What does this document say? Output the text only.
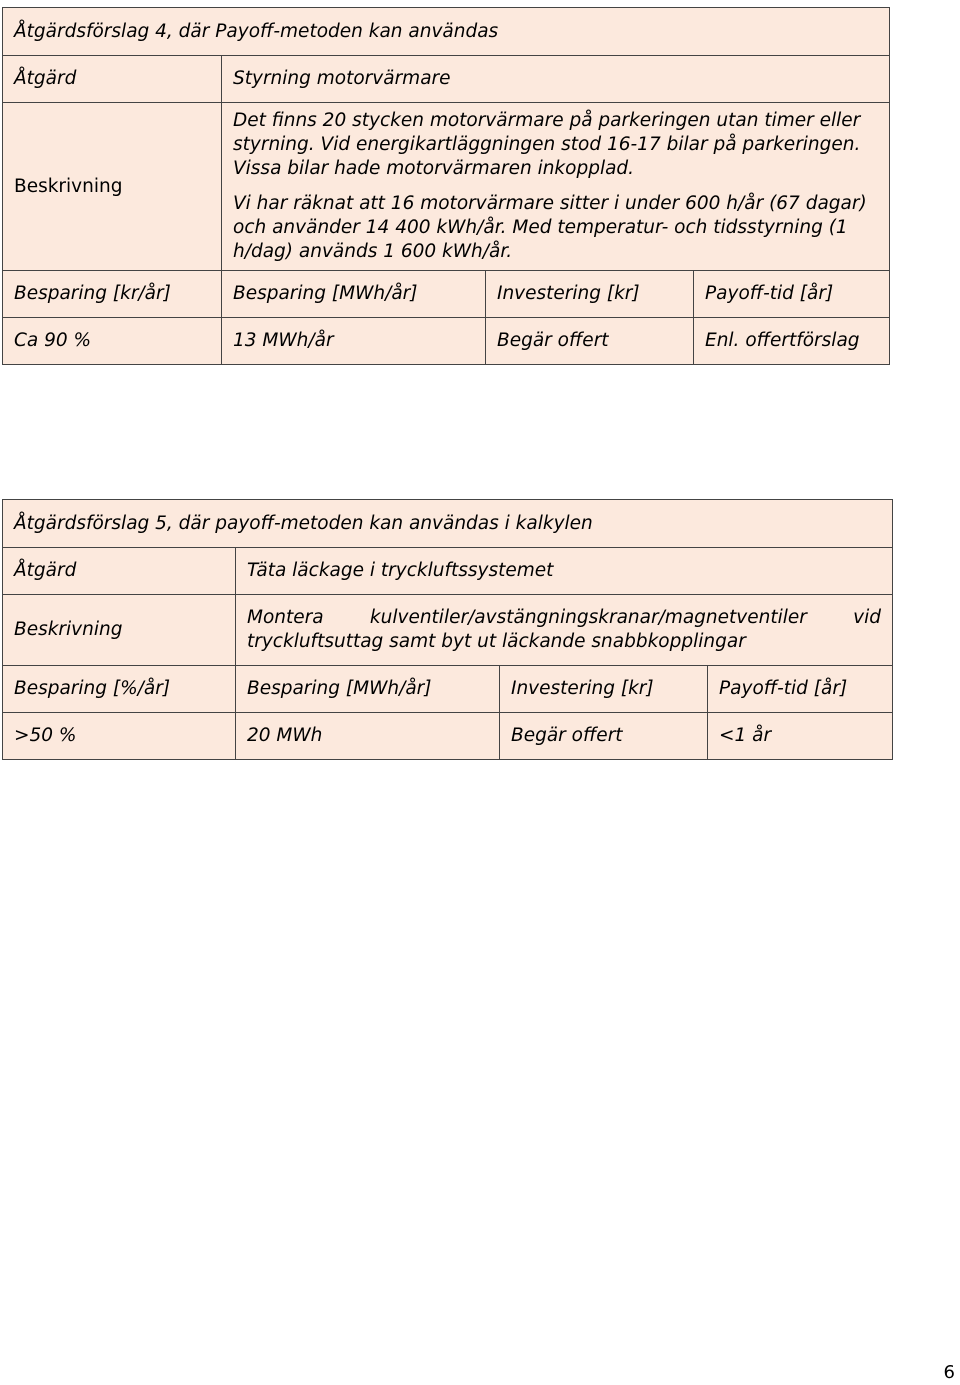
Åtgärdsförslag 4, där Payoff-metoden kan användas			
Åtgärd	Styrning motorvärmare		
Beskrivning	Det finns 20 stycken motorvärmare på parkeringen utan timer eller styrning. Vid energikartläggningen stod 16-17 bilar på parkeringen. Vissa bilar hade motorvärmaren inkopplad.

Vi har räknat att 16 motorvärmare sitter i under 600 h/år (67 dagar) och använder 14 400 kWh/år. Med temperatur- och tidsstyrning (1 h/dag) används 1 600 kWh/år.		

Besparing [kr/år]	Besparing [MWh/år]	Investering [kr]	Payoff-tid [år]
Ca 90 %	13 MWh/år	Begär offert	Enl. offertförslag
Åtgärdsförslag 5, där payoff-metoden kan användas i kalkylen			
Åtgärd	Täta läckage i tryckluftssystemet		
Beskrivning	Montera kulventiler/avstängningskranar/magnetventiler vid
tryckluftsuttag samt byt ut läckande snabbkopplingar		

Besparing [%/år]	Besparing [MWh/år]	Investering [kr]	Payoff-tid [år]
>50 %	20 MWh	Begär offert	<1 år
6
